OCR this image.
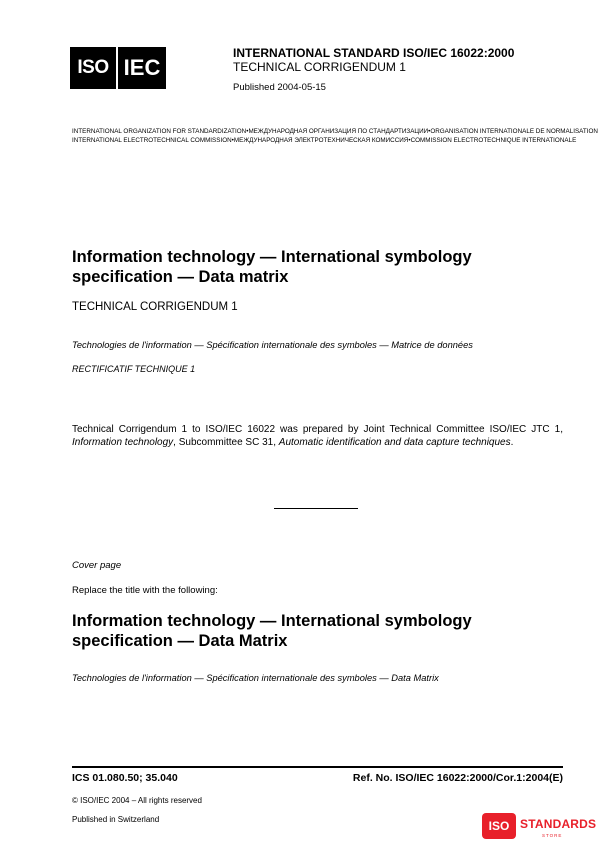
ISO IEC
INTERNATIONAL STANDARD ISO/IEC 16022:2000
TECHNICAL CORRIGENDUM 1
Published 2004-05-15
INTERNATIONAL ORGANIZATION FOR STANDARDIZATION • МЕЖДУНАРОДНАЯ ОРГАНИЗАЦИЯ ПО СТАНДАРТИЗАЦИИ • ORGANISATION INTERNATIONALE DE NORMALISATION
INTERNATIONAL ELECTROTECHNICAL COMMISSION • МЕЖДУНАРОДНАЯ ЭЛЕКТРОТЕХНИЧЕСКАЯ КОМИССИЯ • COMMISSION ELECTROTECHNIQUE INTERNATIONALE
Information technology — International symbology
specification — Data matrix
TECHNICAL CORRIGENDUM 1
Technologies de l'information — Spécification internationale des symboles — Matrice de données
RECTIFICATIF TECHNIQUE 1
Technical Corrigendum 1 to ISO/IEC 16022 was prepared by Joint Technical Committee ISO/IEC JTC 1, Information technology, Subcommittee SC 31, Automatic identification and data capture techniques.
Cover page
Replace the title with the following:
Information technology — International symbology
specification — Data Matrix
Technologies de l'information — Spécification internationale des symboles — Data Matrix
ICS 01.080.50; 35.040	Ref. No. ISO/IEC 16022:2000/Cor.1:2004(E)
© ISO/IEC 2004 – All rights reserved
Published in Switzerland	ISO STANDARDS
STORE
